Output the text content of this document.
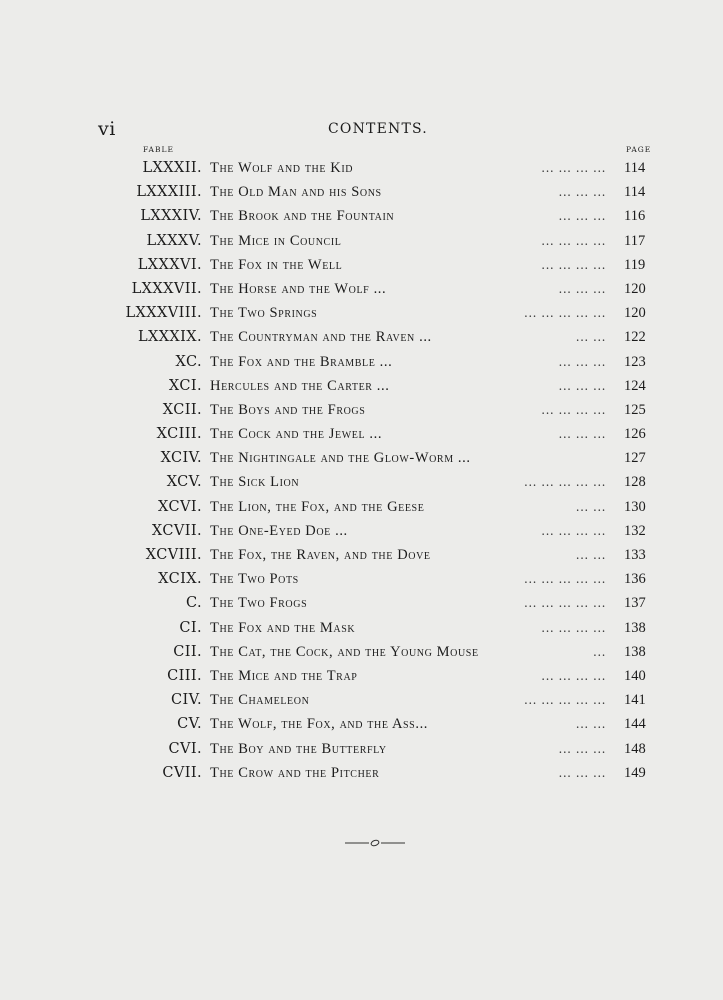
vi	CONTENTS.
FABLE	PAGE
LXXXII. The Wolf and the Kid	... ... ... ... 114
LXXXIII. The Old Man and his Sons	... ... ... 114
LXXXIV. The Brook and the Fountain	... ... ... 116
LXXXV. The Mice in Council	... ... ... ... 117
LXXXVI. The Fox in the Well	... ... ... ... 119
LXXXVII. The Horse and the Wolf ...	... ... ... 120
LXXXVIII. The Two Springs	... ... ... ... ... 120
LXXXIX. The Countryman and the Raven ...	... ... 122
XC. The Fox and the Bramble ...	... ... ... 123
XCI. Hercules and the Carter ...	... ... ... 124
XCII. The Boys and the Frogs	... ... ... ... 125
XCIII. The Cock and the Jewel ...	... ... ... 126
XCIV. The Nightingale and the Glow-Worm ...	127
XCV. The Sick Lion	... ... ... ... ... 128
XCVI. The Lion, the Fox, and the Geese	... ... 130
XCVII. The One-Eyed Doe ...	... ... ... ... 132
XCVIII. The Fox, the Raven, and the Dove	... ... 133
XCIX. The Two Pots	... ... ... ... ... 136
C. The Two Frogs	... ... ... ... ... 137
CI. The Fox and the Mask	... ... ... ... 138
CII. The Cat, the Cock, and the Young Mouse	... 138
CIII. The Mice and the Trap	... ... ... ... 140
CIV. The Chameleon	... ... ... ... ... 141
CV. The Wolf, the Fox, and the Ass...	... ... 144
CVI. The Boy and the Butterfly	... ... ... 148
CVII. The Crow and the Pitcher	... ... ... 149
